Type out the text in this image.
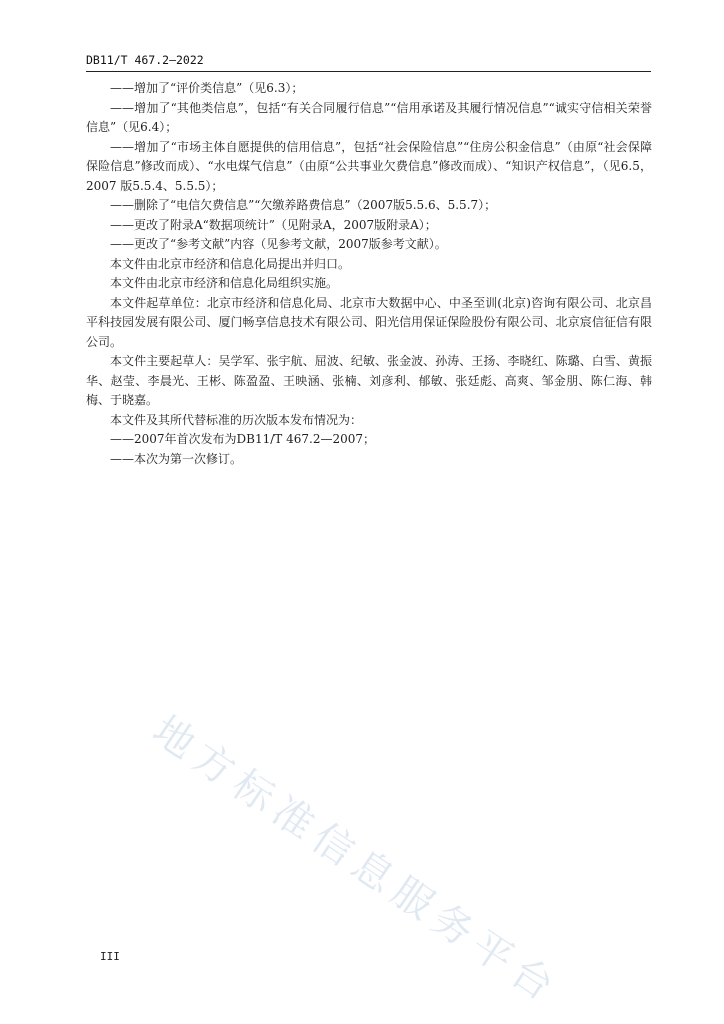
DB11/T 467.2—2022

——增加了“评价类信息”（见6.3）；

——增加了“其他类信息”，包括“有关合同履行信息”“信用承诺及其履行情况信息”“诚实守信相关荣誉信息”（见6.4）；

——增加了“市场主体自愿提供的信用信息”，包括“社会保险信息”“住房公积金信息”（由原“社会保障保险信息”修改而成）、“水电煤气信息”（由原“公共事业欠费信息”修改而成）、“知识产权信息”，（见6.5，2007 版5.5.4、5.5.5）；

——删除了“电信欠费信息”“欠缴养路费信息”（2007版5.5.6、5.5.7）；

——更改了附录A“数据项统计”（见附录A，2007版附录A）；

——更改了“参考文献”内容（见参考文献，2007版参考文献）。

本文件由北京市经济和信息化局提出并归口。

本文件由北京市经济和信息化局组织实施。

本文件起草单位：北京市经济和信息化局、北京市大数据中心、中圣至训(北京)咨询有限公司、北京昌平科技园发展有限公司、厦门畅享信息技术有限公司、阳光信用保证保险股份有限公司、北京宸信征信有限公司。

本文件主要起草人：吴学军、张宇航、屈波、纪敏、张金波、孙涛、王扬、李晓红、陈璐、白雪、黄振华、赵莹、李晨光、王彬、陈盈盈、王映涵、张楠、刘彦利、郁敏、张廷彪、高爽、邹金朋、陈仁海、韩梅、于晓嘉。

本文件及其所代替标准的历次版本发布情况为：

——2007年首次发布为DB11/T 467.2—2007；

——本次为第一次修订。

地方标准信息服务平台
III
